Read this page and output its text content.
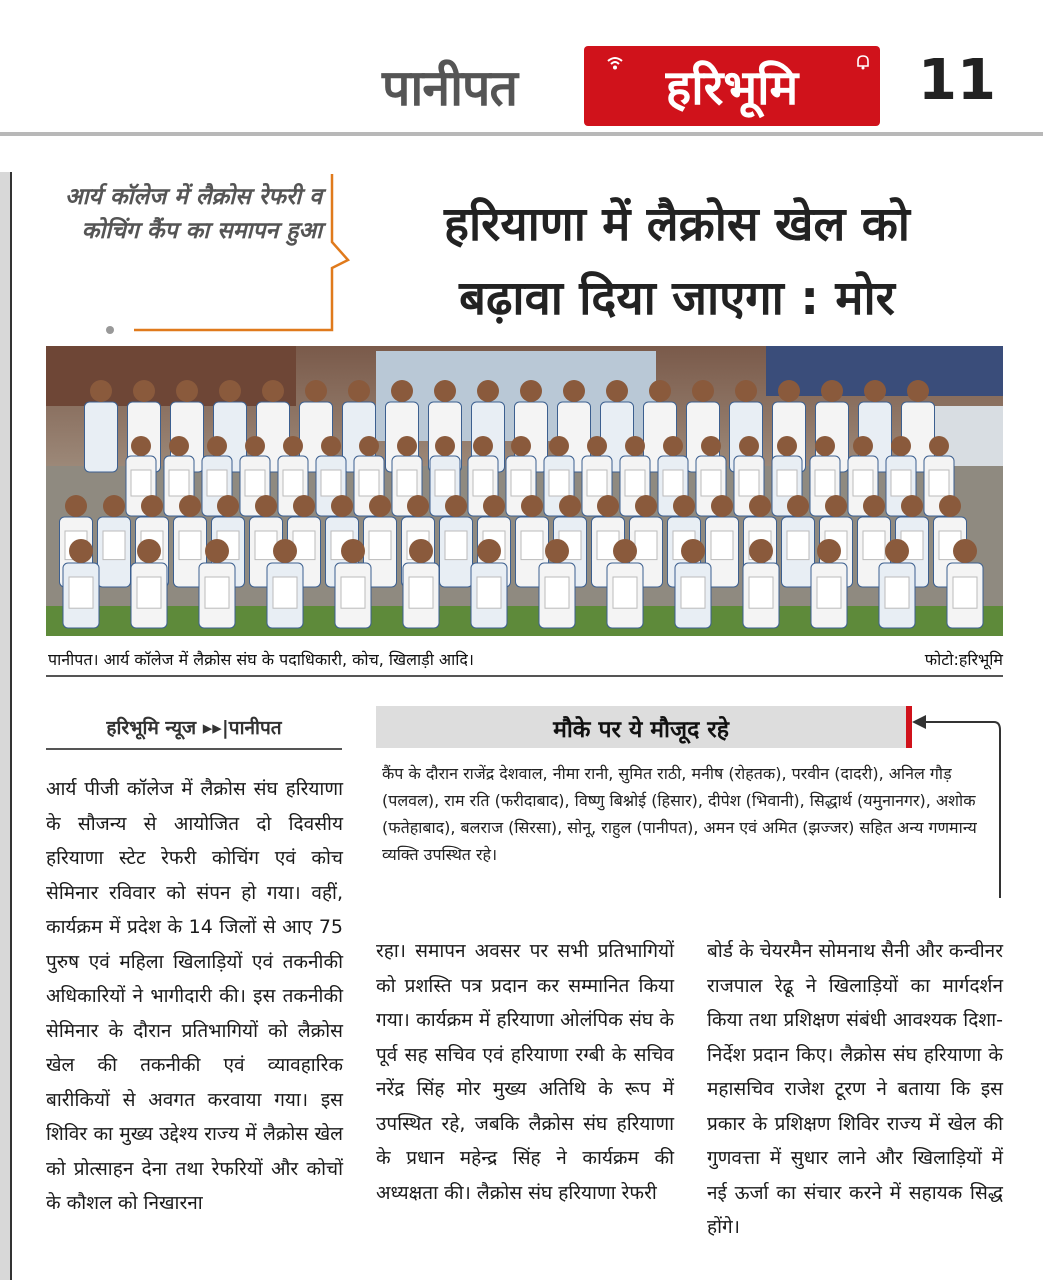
पानीपत	हरिभूमि	11
आर्य कॉलेज में लैक्रोस रेफरी व कोचिंग कैंप का समापन हुआ	हरियाणा में लैक्रोस खेल को
बढ़ावा दिया जाएगा : मोर
पानीपत। आर्य कॉलेज में लैक्रोस संघ के पदाधिकारी, कोच, खिलाड़ी आदि।	फोटो:हरिभूमि
हरिभूमि न्यूज ▸▸|पानीपत	मौके पर ये मौजूद रहे
कैंप के दौरान राजेंद्र देशवाल, नीमा रानी, सुमित राठी, मनीष (रोहतक), परवीन (दादरी), अनिल गौड़ (पलवल), राम रति (फरीदाबाद), विष्णु बिश्नोई (हिसार), दीपेश (भिवानी), सिद्धार्थ (यमुनानगर), अशोक (फतेहाबाद), बलराज (सिरसा), सोनू, राहुल (पानीपत), अमन एवं अमित (झज्जर) सहित अन्य गणमान्य व्यक्ति उपस्थित रहे।
आर्य पीजी कॉलेज में लैक्रोस संघ हरियाणा के सौजन्य से आयोजित दो दिवसीय हरियाणा स्टेट रेफरी कोचिंग एवं कोच सेमिनार रविवार को संपन हो गया। वहीं, कार्यक्रम में प्रदेश के 14 जिलों से आए 75 पुरुष एवं महिला खिलाड़ियों एवं तकनीकी अधिकारियों ने भागीदारी की। इस तकनीकी सेमिनार के दौरान प्रतिभागियों को लैक्रोस खेल की तकनीकी एवं व्यावहारिक बारीकियों से अवगत करवाया गया। इस शिविर का मुख्य उद्देश्य राज्य में लैक्रोस खेल को प्रोत्साहन देना तथा रेफरियों और कोचों के कौशल को निखारना
रहा। समापन अवसर पर सभी प्रतिभागियों को प्रशस्ति पत्र प्रदान कर सम्मानित किया गया। कार्यक्रम में हरियाणा ओलंपिक संघ के पूर्व सह सचिव एवं हरियाणा रग्बी के सचिव नरेंद्र सिंह मोर मुख्य अतिथि के रूप में उपस्थित रहे, जबकि लैक्रोस संघ हरियाणा के प्रधान महेन्द्र सिंह ने कार्यक्रम की अध्यक्षता की। लैक्रोस संघ हरियाणा रेफरी
बोर्ड के चेयरमैन सोमनाथ सैनी और कन्वीनर राजपाल रेढू ने खिलाड़ियों का मार्गदर्शन किया तथा प्रशिक्षण संबंधी आवश्यक दिशा-निर्देश प्रदान किए। लैक्रोस संघ हरियाणा के महासचिव राजेश टूरण ने बताया कि इस प्रकार के प्रशिक्षण शिविर राज्य में खेल की गुणवत्ता में सुधार लाने और खिलाड़ियों में नई ऊर्जा का संचार करने में सहायक सिद्ध होंगे।
